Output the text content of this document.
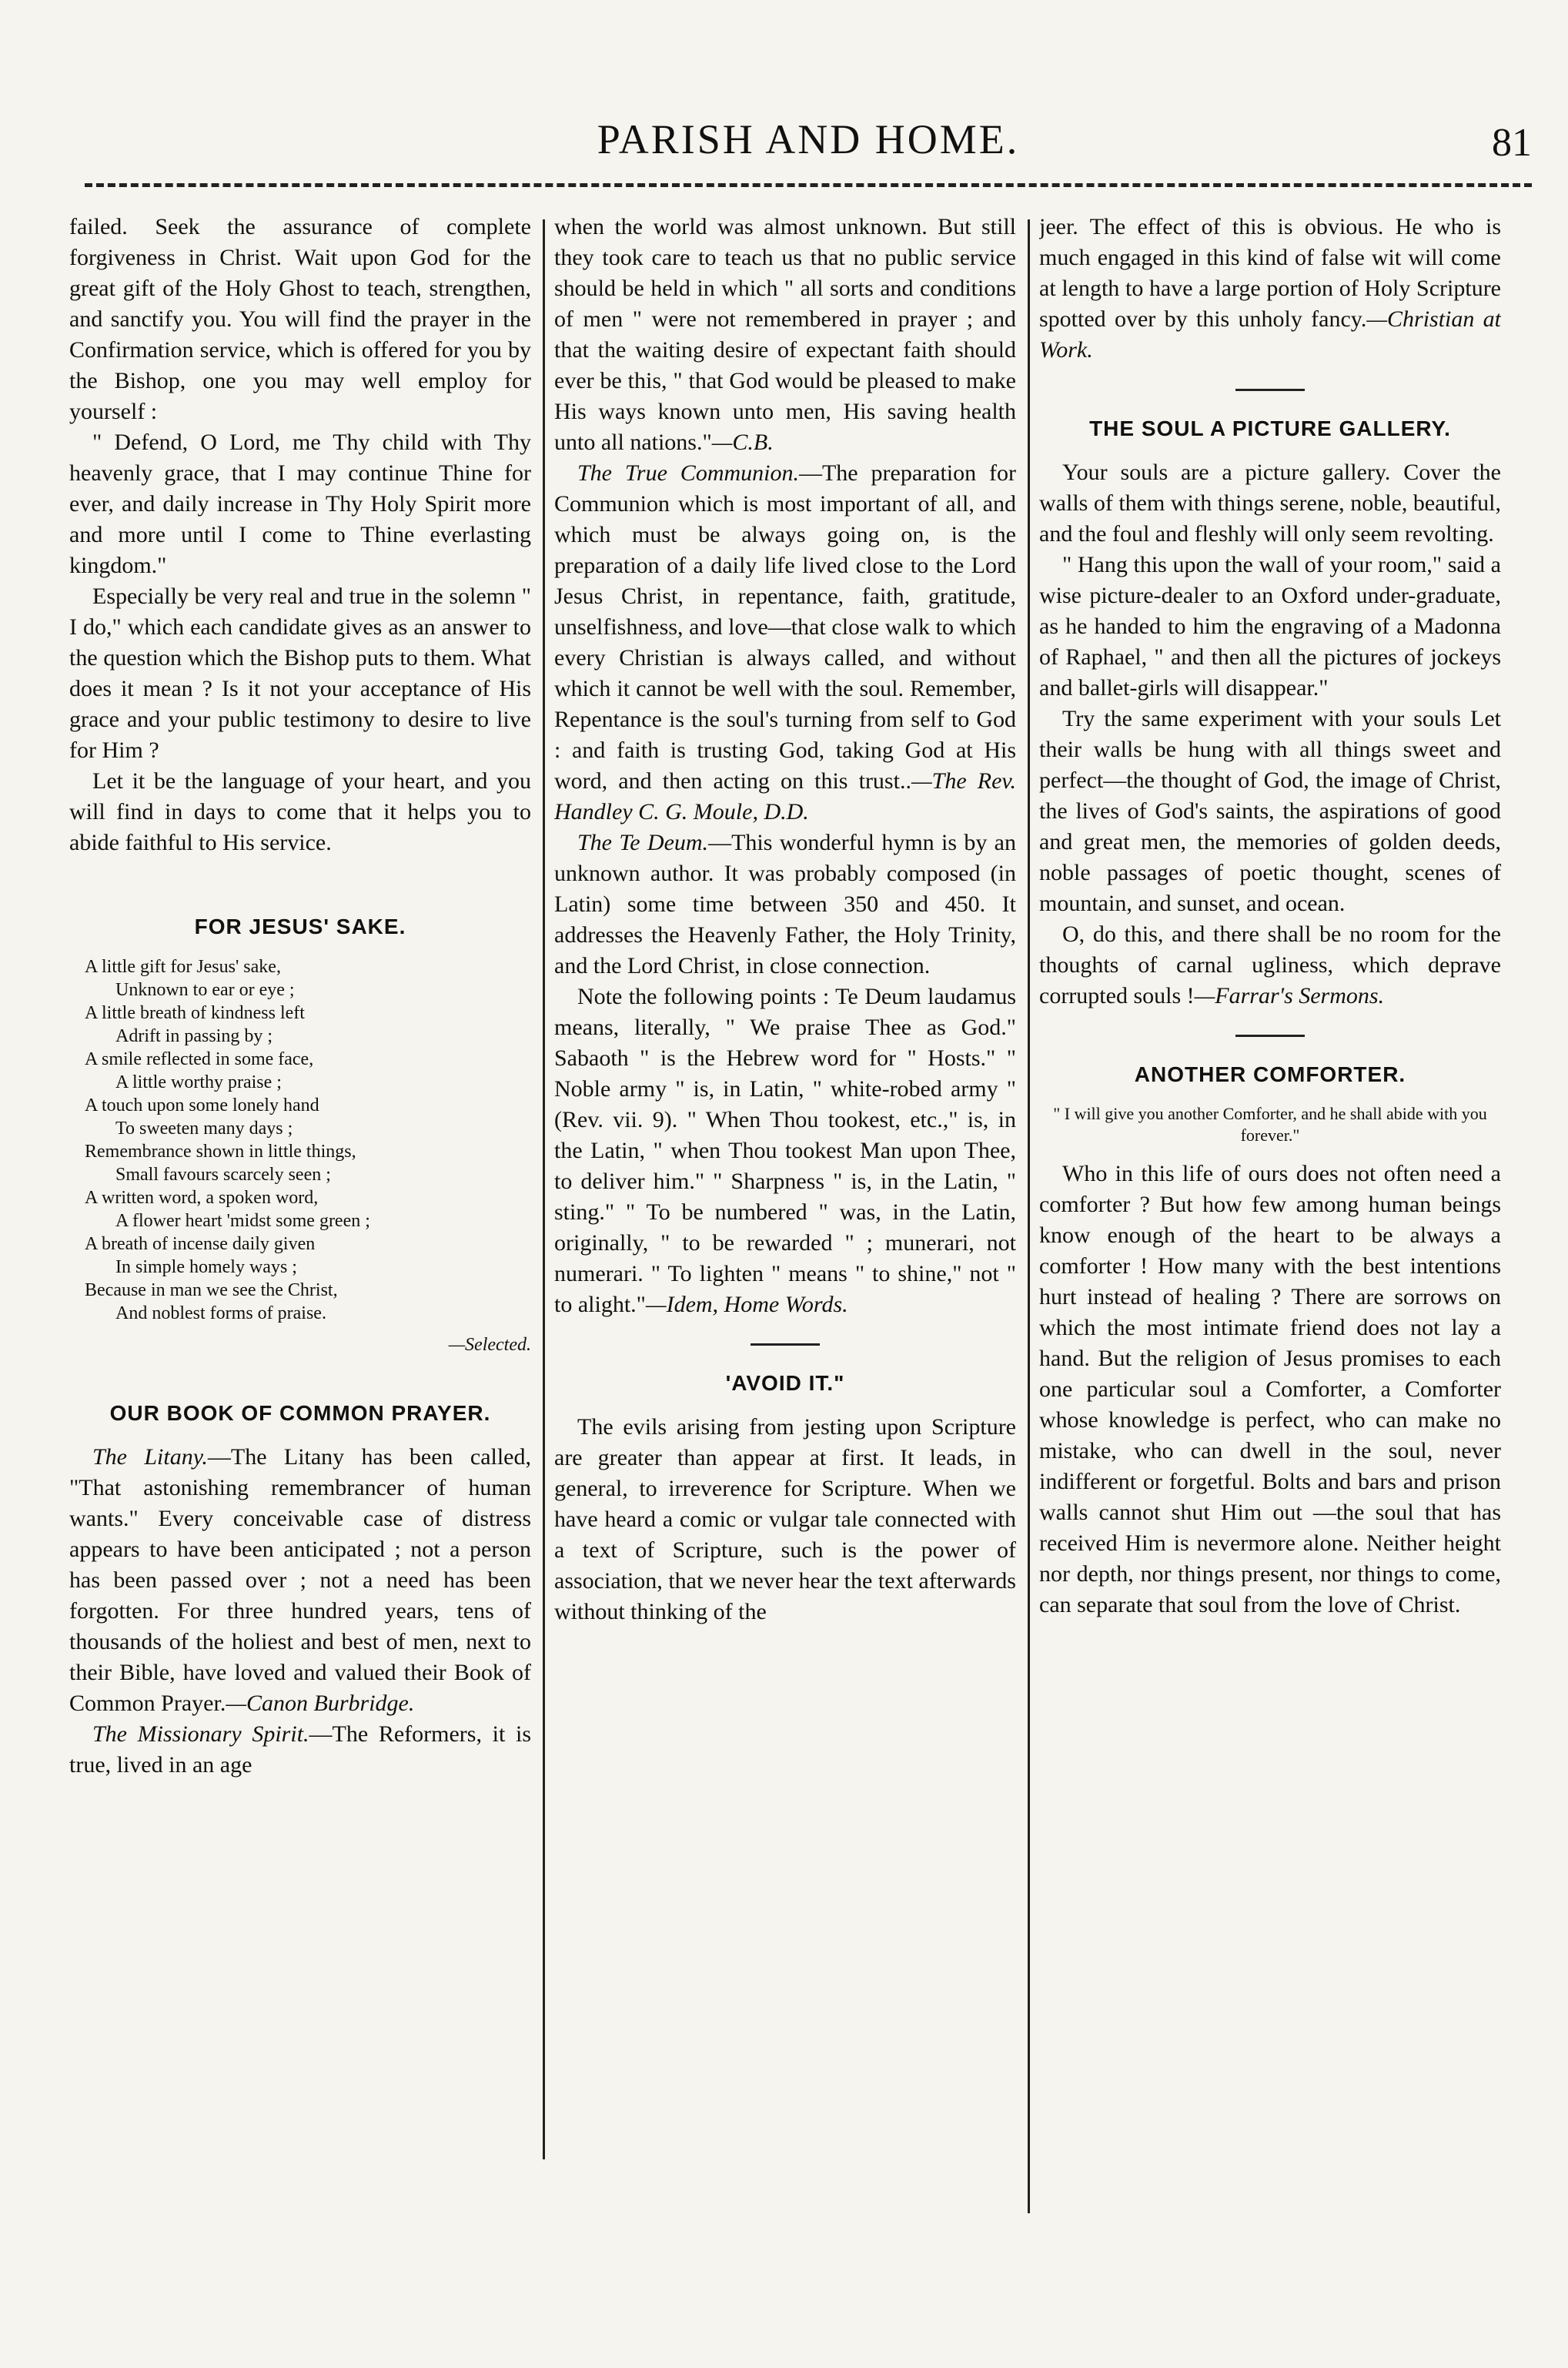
PARISH AND HOME.	81

failed. Seek the assurance of complete forgiveness in Christ. Wait upon God for the great gift of the Holy Ghost to teach, strengthen, and sanctify you. You will find the prayer in the Confirmation service, which is offered for you by the Bishop, one you may well employ for yourself :

" Defend, O Lord, me Thy child with Thy heavenly grace, that I may continue Thine for ever, and daily increase in Thy Holy Spirit more and more until I come to Thine everlasting kingdom."

Especially be very real and true in the solemn " I do," which each candidate gives as an answer to the question which the Bishop puts to them. What does it mean ? Is it not your acceptance of His grace and your public testimony to desire to live for Him ?

Let it be the language of your heart, and you will find in days to come that it helps you to abide faithful to His service.

FOR JESUS' SAKE.
A little gift for Jesus' sake,
Unknown to ear or eye ;
A little breath of kindness left
Adrift in passing by ;
A smile reflected in some face,
A little worthy praise ;
A touch upon some lonely hand
To sweeten many days ;
Remembrance shown in little things,
Small favours scarcely seen ;
A written word, a spoken word,
A flower heart 'midst some green ;
A breath of incense daily given
In simple homely ways ;
Because in man we see the Christ,
And noblest forms of praise.
—Selected.
OUR BOOK OF COMMON PRAYER.

The Litany.—The Litany has been called, "That astonishing remembrancer of human wants." Every conceivable case of distress appears to have been anticipated ; not a person has been passed over ; not a need has been forgotten. For three hundred years, tens of thousands of the holiest and best of men, next to their Bible, have loved and valued their Book of Common Prayer.—Canon Burbridge.

The Missionary Spirit.—The Reformers, it is true, lived in an age

when the world was almost unknown. But still they took care to teach us that no public service should be held in which " all sorts and conditions of men " were not remembered in prayer ; and that the waiting desire of expectant faith should ever be this, " that God would be pleased to make His ways known unto men, His saving health unto all nations."—C.B.

The True Communion.—The preparation for Communion which is most important of all, and which must be always going on, is the preparation of a daily life lived close to the Lord Jesus Christ, in repentance, faith, gratitude, unselfishness, and love—that close walk to which every Christian is always called, and without which it cannot be well with the soul. Remember, Repentance is the soul's turning from self to God : and faith is trusting God, taking God at His word, and then acting on this trust..—The Rev. Handley C. G. Moule, D.D.

The Te Deum.—This wonderful hymn is by an unknown author. It was probably composed (in Latin) some time between 350 and 450. It addresses the Heavenly Father, the Holy Trinity, and the Lord Christ, in close connection.

Note the following points : Te Deum laudamus means, literally, " We praise Thee as God." Sabaoth " is the Hebrew word for " Hosts." " Noble army " is, in Latin, " white-robed army " (Rev. vii. 9). " When Thou tookest, etc.," is, in the Latin, " when Thou tookest Man upon Thee, to deliver him." " Sharpness " is, in the Latin, " sting." " To be numbered " was, in the Latin, originally, " to be rewarded " ; munerari, not numerari. " To lighten " means " to shine," not " to alight."—Idem, Home Words.

'AVOID IT."

The evils arising from jesting upon Scripture are greater than appear at first. It leads, in general, to irreverence for Scripture. When we have heard a comic or vulgar tale connected with a text of Scripture, such is the power of association, that we never hear the text afterwards without thinking of the

jeer. The effect of this is obvious. He who is much engaged in this kind of false wit will come at length to have a large portion of Holy Scripture spotted over by this unholy fancy.—Christian at Work.

THE SOUL A PICTURE GALLERY.

Your souls are a picture gallery. Cover the walls of them with things serene, noble, beautiful, and the foul and fleshly will only seem revolting.

" Hang this upon the wall of your room," said a wise picture-dealer to an Oxford under-graduate, as he handed to him the engraving of a Madonna of Raphael, " and then all the pictures of jockeys and ballet-girls will disappear."

Try the same experiment with your souls Let their walls be hung with all things sweet and perfect—the thought of God, the image of Christ, the lives of God's saints, the aspirations of good and great men, the memories of golden deeds, noble passages of poetic thought, scenes of mountain, and sunset, and ocean.

O, do this, and there shall be no room for the thoughts of carnal ugliness, which deprave corrupted souls !—Farrar's Sermons.

ANOTHER COMFORTER.
" I will give you another Comforter, and he shall abide with you forever."

Who in this life of ours does not often need a comforter ? But how few among human beings know enough of the heart to be always a comforter ! How many with the best intentions hurt instead of healing ? There are sorrows on which the most intimate friend does not lay a hand. But the religion of Jesus promises to each one particular soul a Comforter, a Comforter whose knowledge is perfect, who can make no mistake, who can dwell in the soul, never indifferent or forgetful. Bolts and bars and prison walls cannot shut Him out —the soul that has received Him is nevermore alone. Neither height nor depth, nor things present, nor things to come, can separate that soul from the love of Christ.
